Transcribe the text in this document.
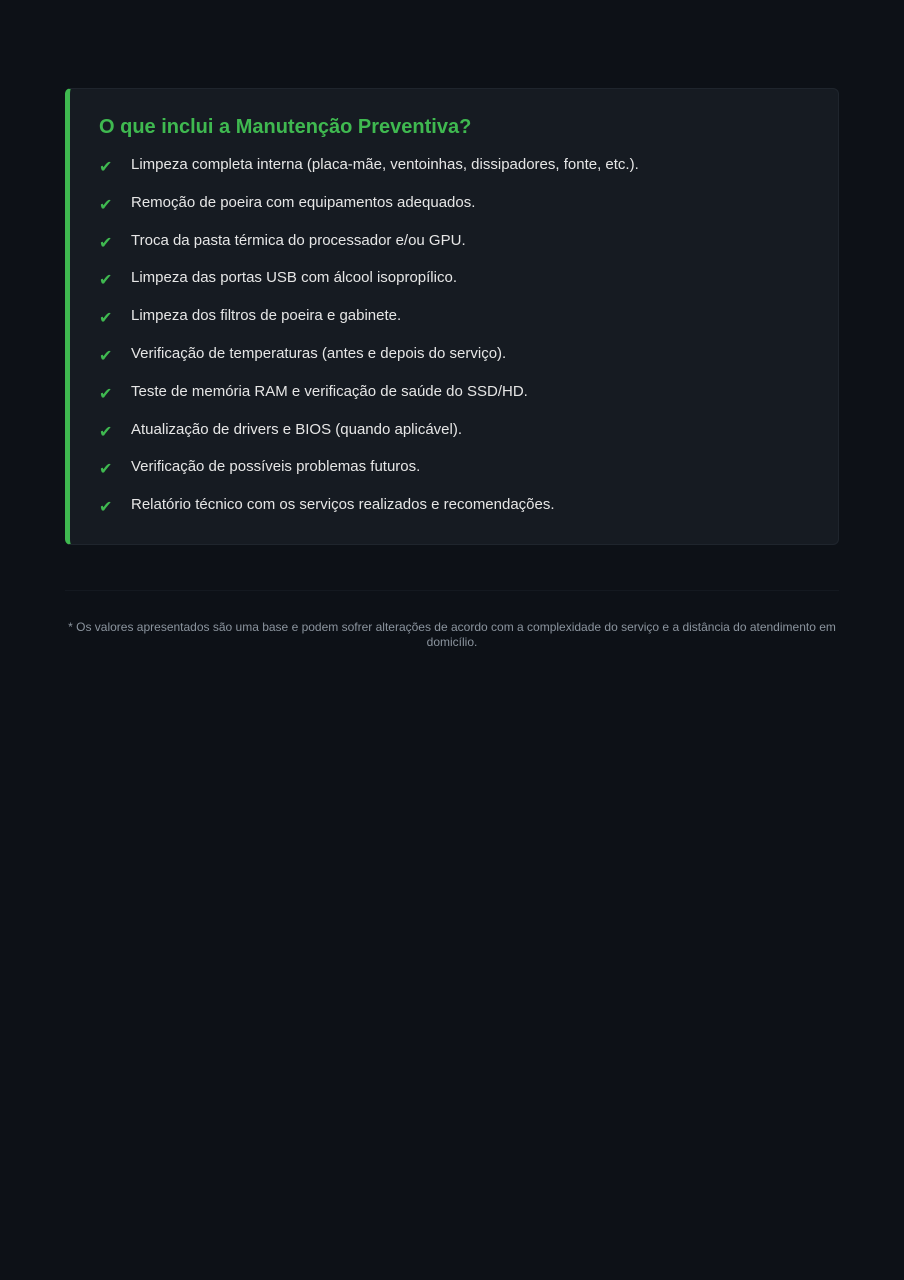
O que inclui a Manutenção Preventiva?
✔	Limpeza completa interna (placa-mãe, ventoinhas, dissipadores, fonte, etc.).
✔	Remoção de poeira com equipamentos adequados.
✔	Troca da pasta térmica do processador e/ou GPU.
✔	Limpeza das portas USB com álcool isopropílico.
✔	Limpeza dos filtros de poeira e gabinete.
✔	Verificação de temperaturas (antes e depois do serviço).
✔	Teste de memória RAM e verificação de saúde do SSD/HD.
✔	Atualização de drivers e BIOS (quando aplicável).
✔	Verificação de possíveis problemas futuros.
✔	Relatório técnico com os serviços realizados e recomendações.

* Os valores apresentados são uma base e podem sofrer alterações de acordo com a complexidade do serviço e a distância do atendimento em domicílio.
